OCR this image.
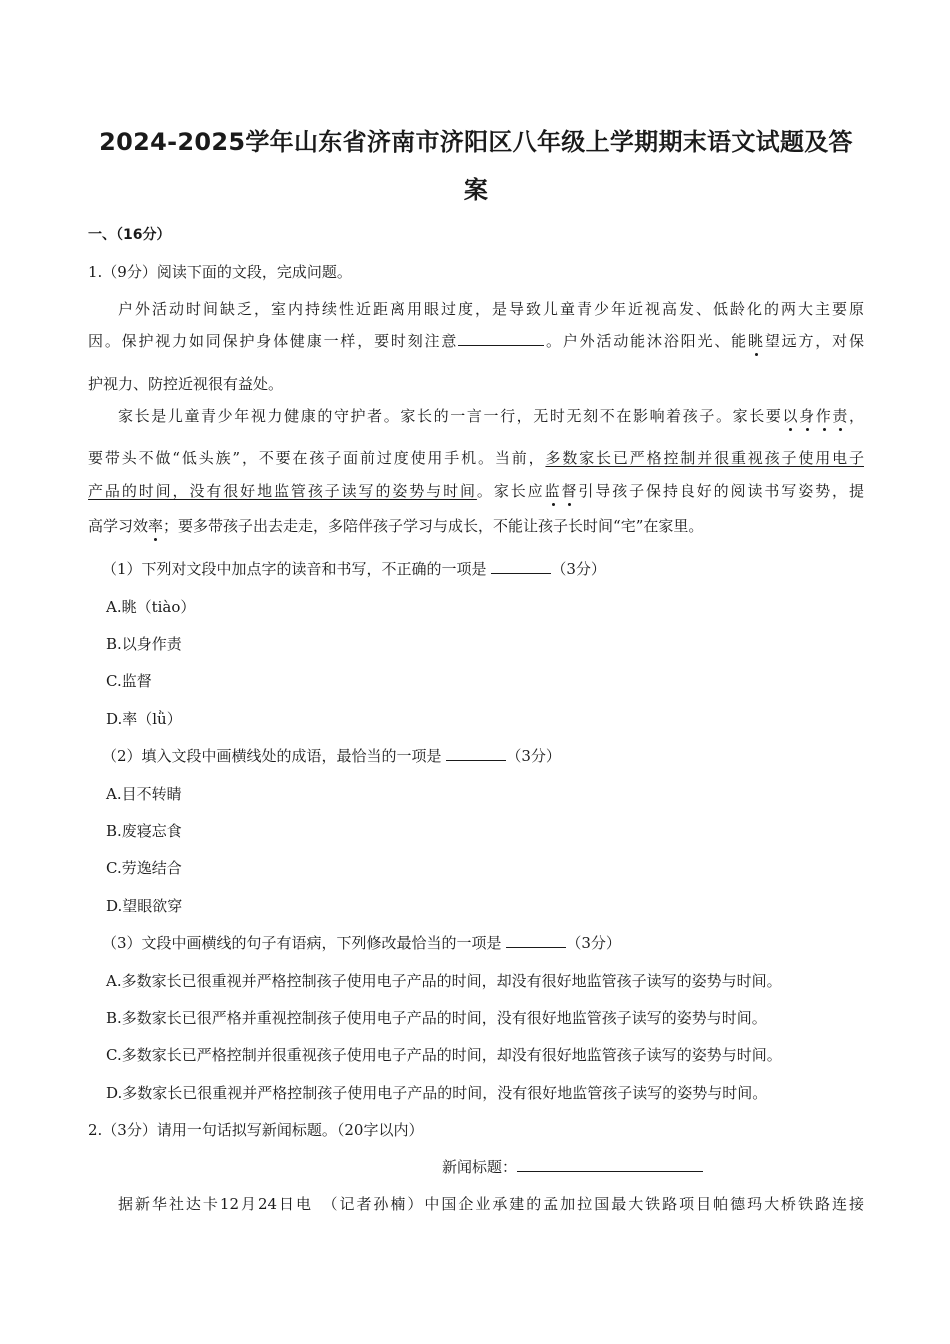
2024-2025学年山东省济南市济阳区八年级上学期期末语文试题及答案
一、（16分）
1.（9分）阅读下面的文段，完成问题。
户外活动时间缺乏，室内持续性近距离用眼过度，是导致儿童青少年近视高发、低龄化的两大主要原
因。保护视力如同保护身体健康一样，要时刻注意	。户外活动能沐浴阳光、能眺望远方，对保
护视力、防控近视很有益处。
家长是儿童青少年视力健康的守护者。家长的一言一行，无时无刻不在影响着孩子。家长要以身作责，
要带头不做“低头族”，不要在孩子面前过度使用手机。当前，多数家长已严格控制并很重视孩子使用电子
产品的时间，没有很好地监管孩子读写的姿势与时间。家长应监督引导孩子保持良好的阅读书写姿势，提
高学习效率；要多带孩子出去走走，多陪伴孩子学习与成长，不能让孩子长时间“宅”在家里。
（1）下列对文段中加点字的读音和书写，不正确的一项是	（3分）
A.眺（tiào）
B.以身作责
C.监督
D.率（lǜ）
（2）填入文段中画横线处的成语，最恰当的一项是	（3分）
A.目不转睛
B.废寝忘食
C.劳逸结合
D.望眼欲穿
（3）文段中画横线的句子有语病，下列修改最恰当的一项是	（3分）
A.多数家长已很重视并严格控制孩子使用电子产品的时间，却没有很好地监管孩子读写的姿势与时间。
B.多数家长已很严格并重视控制孩子使用电子产品的时间，没有很好地监管孩子读写的姿势与时间。
C.多数家长已严格控制并很重视孩子使用电子产品的时间，却没有很好地监管孩子读写的姿势与时间。
D.多数家长已很重视并严格控制孩子使用电子产品的时间，没有很好地监管孩子读写的姿势与时间。
2.（3分）请用一句话拟写新闻标题。（20字以内）
新闻标题：
据新华社达卡12月24日电　（记者孙楠）中国企业承建的孟加拉国最大铁路项目帕德玛大桥铁路连接
